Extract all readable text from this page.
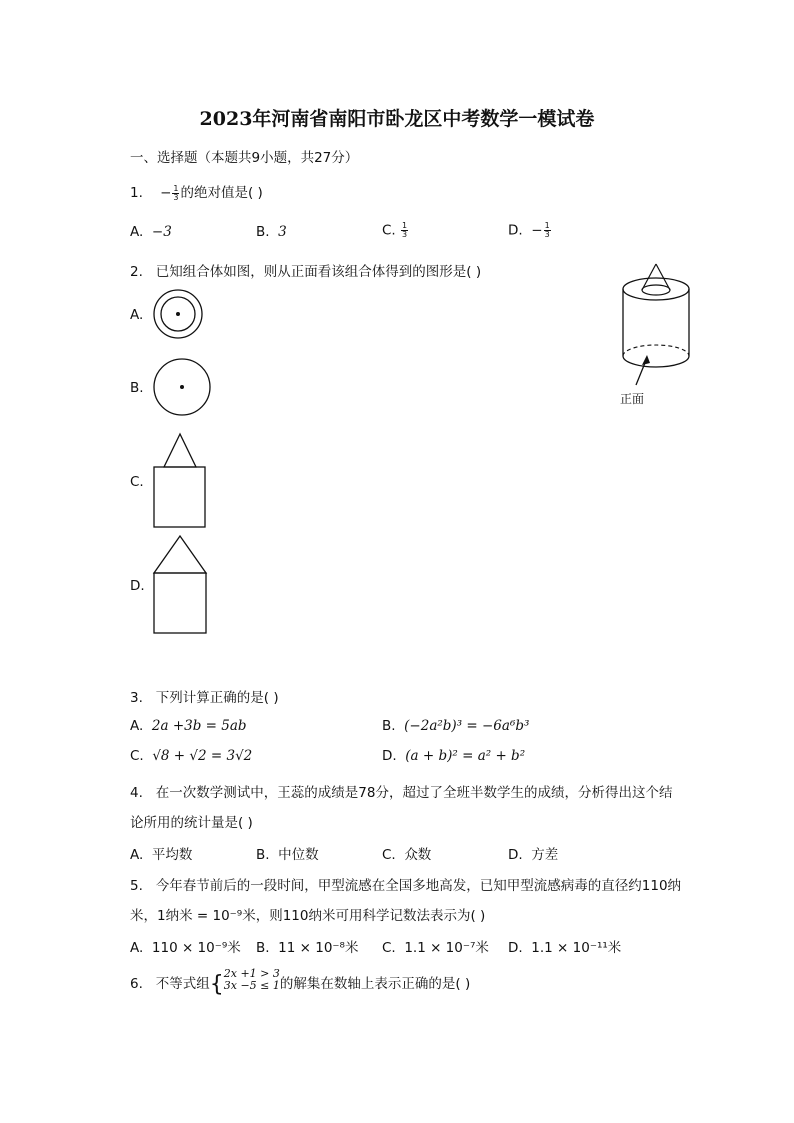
2023年河南省南阳市卧龙区中考数学一模试卷
一、选择题（本题共9小题，共27分）
1. − $\frac{1}{3}$ 的绝对值是( )
A. −3	B. 3	C. $\frac{1}{3}$	D. − $\frac{1}{3}$
2. 已知组合体如图，则从正面看该组合体得到的图形是( )
正面
A.
B.
C.
D.
3. 下列计算正确的是( )
A. 2a +3b = 5ab	B. (−2a²b)³ = −6a⁶b³
C. √8 + √2 = 3√2	D. (a + b)² = a² + b²
4. 在一次数学测试中，王蕊的成绩是78分，超过了全班半数学生的成绩，分析得出这个结
论所用的统计量是( )
A. 平均数	B. 中位数	C. 众数	D. 方差
5. 今年春节前后的一段时间，甲型流感在全国多地高发，已知甲型流感病毒的直径约110纳
米，1纳米 = 10⁻⁹米，则110纳米可用科学记数法表示为( )
A. 110 × 10⁻⁹米 B. 11 × 10⁻⁸米 C. 1.1 × 10⁻⁷米 D. 1.1 × 10⁻¹¹米
6. 不等式组{ 2x +1 > 3
3x −5 ≤ 1 的解集在数轴上表示正确的是( )
